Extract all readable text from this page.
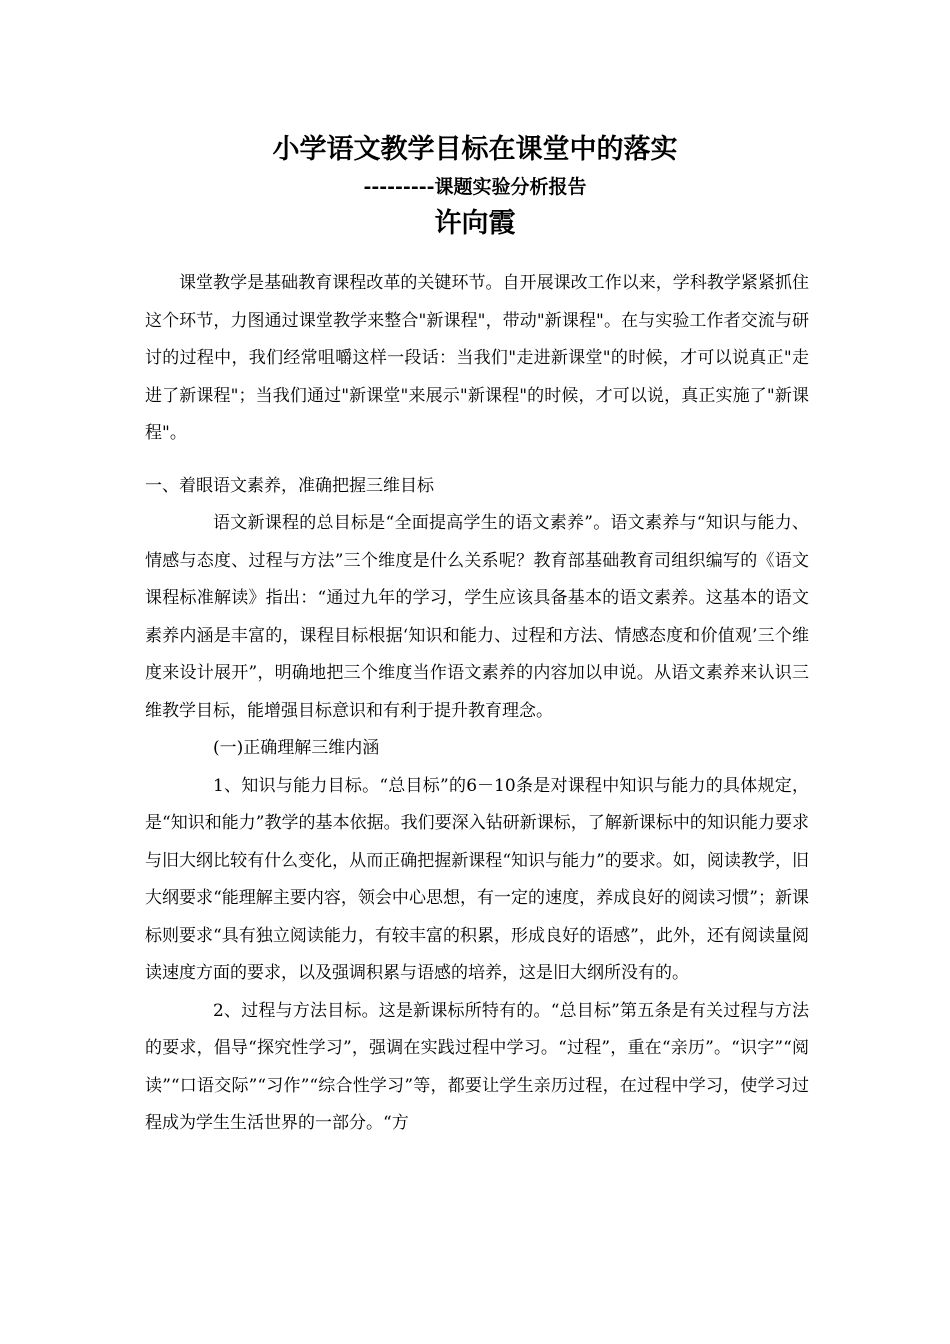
小学语文教学目标在课堂中的落实
---------课题实验分析报告
许向霞

课堂教学是基础教育课程改革的关键环节。自开展课改工作以来，学科教学紧紧抓住这个环节，力图通过课堂教学来整合"新课程"，带动"新课程"。在与实验工作者交流与研讨的过程中，我们经常咀嚼这样一段话：当我们"走进新课堂"的时候，才可以说真正"走进了新课程"；当我们通过"新课堂"来展示"新课程"的时候，才可以说，真正实施了"新课程"。

一、着眼语文素养，准确把握三维目标

语文新课程的总目标是“全面提高学生的语文素养”。语文素养与“知识与能力、情感与态度、过程与方法”三个维度是什么关系呢？教育部基础教育司组织编写的《语文课程标准解读》指出：“通过九年的学习，学生应该具备基本的语文素养。这基本的语文素养内涵是丰富的，课程目标根据‘知识和能力、过程和方法、情感态度和价值观’三个维度来设计展开”，明确地把三个维度当作语文素养的内容加以申说。从语文素养来认识三维教学目标，能增强目标意识和有利于提升教育理念。

(一)正确理解三维内涵

1、知识与能力目标。“总目标”的6－10条是对课程中知识与能力的具体规定，是“知识和能力”教学的基本依据。我们要深入钻研新课标，了解新课标中的知识能力要求与旧大纲比较有什么变化，从而正确把握新课程“知识与能力”的要求。如，阅读教学，旧大纲要求“能理解主要内容，领会中心思想，有一定的速度，养成良好的阅读习惯”；新课标则要求“具有独立阅读能力，有较丰富的积累，形成良好的语感”，此外，还有阅读量阅读速度方面的要求，以及强调积累与语感的培养，这是旧大纲所没有的。

2、过程与方法目标。这是新课标所特有的。“总目标”第五条是有关过程与方法的要求，倡导“探究性学习”，强调在实践过程中学习。“过程”，重在“亲历”。“识字”“阅读”“口语交际”“习作”“综合性学习”等，都要让学生亲历过程，在过程中学习，使学习过程成为学生生活世界的一部分。“方
